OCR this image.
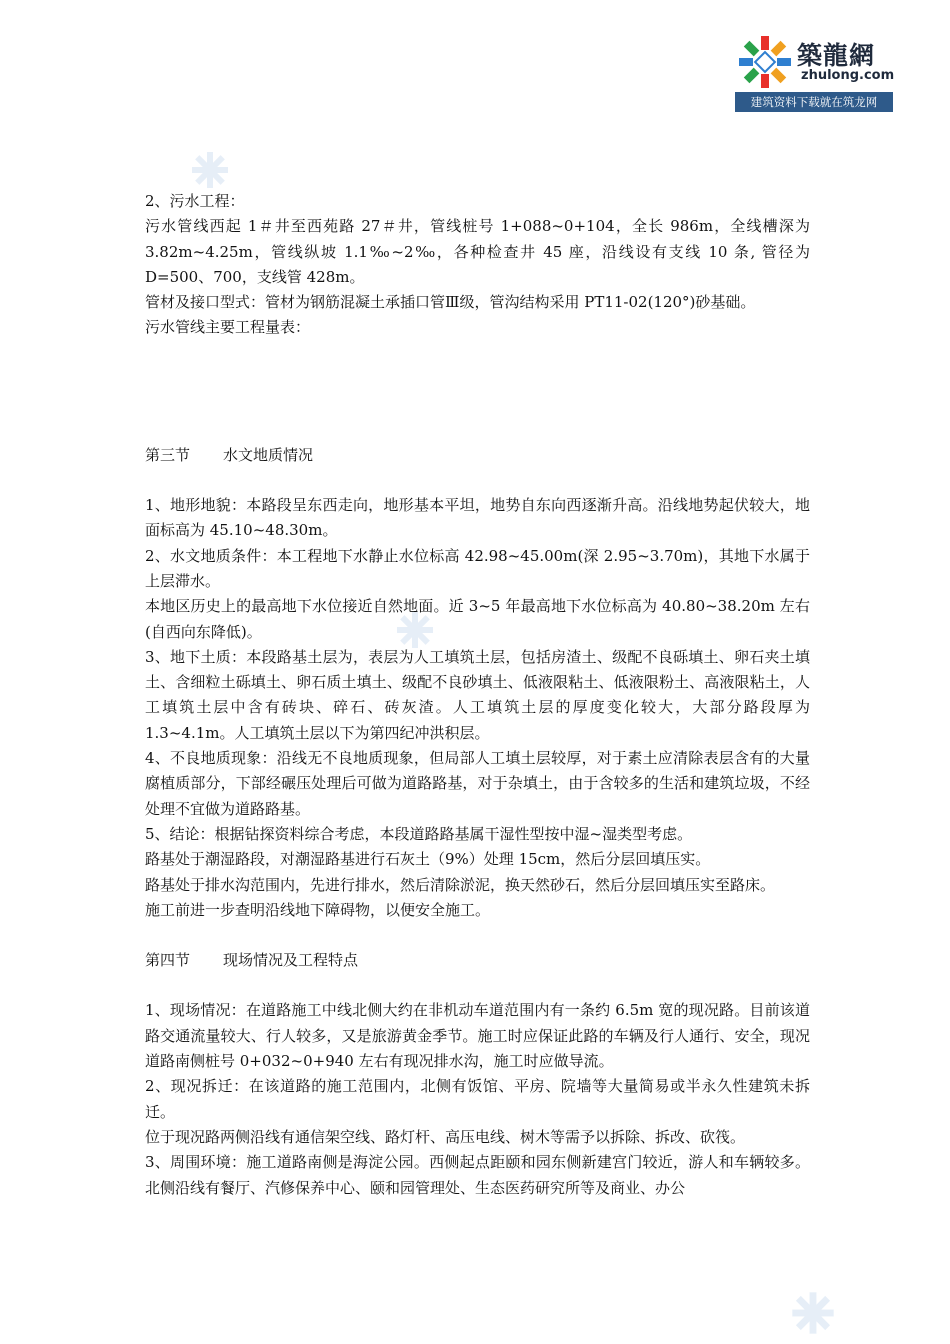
築龍網
zhulong.com
建筑资料下载就在筑龙网

2、污水工程：

污水管线西起 1＃井至西苑路 27＃井，管线桩号 1+088~0+104，全长 986m，全线槽深为 3.82m~4.25m，管线纵坡 1.1‰~2‰，各种检查井 45 座，沿线设有支线 10 条, 管径为 D=500、700，支线管 428m。

管材及接口型式：管材为钢筋混凝土承插口管Ⅲ级，管沟结构采用 PT11-02(120°)砂基础。

污水管线主要工程量表：

第三节 水文地质情况

1、地形地貌：本路段呈东西走向，地形基本平坦，地势自东向西逐渐升高。沿线地势起伏较大，地面标高为 45.10~48.30m。

2、水文地质条件：本工程地下水静止水位标高 42.98~45.00m(深 2.95~3.70m)，其地下水属于上层滞水。

本地区历史上的最高地下水位接近自然地面。近 3~5 年最高地下水位标高为 40.80~38.20m 左右(自西向东降低)。

3、地下土质：本段路基土层为，表层为人工填筑土层，包括房渣土、级配不良砾填土、卵石夹土填土、含细粒土砾填土、卵石质土填土、级配不良砂填土、低液限粘土、低液限粉土、高液限粘土，人工填筑土层中含有砖块、碎石、砖灰渣。人工填筑土层的厚度变化较大，大部分路段厚为 1.3~4.1m。人工填筑土层以下为第四纪冲洪积层。

4、不良地质现象：沿线无不良地质现象，但局部人工填土层较厚，对于素土应清除表层含有的大量腐植质部分，下部经碾压处理后可做为道路路基，对于杂填土，由于含较多的生活和建筑垃圾，不经处理不宜做为道路路基。

5、结论：根据钻探资料综合考虑，本段道路路基属干湿性型按中湿~湿类型考虑。

路基处于潮湿路段，对潮湿路基进行石灰土（9%）处理 15cm，然后分层回填压实。

路基处于排水沟范围内，先进行排水，然后清除淤泥，换天然砂石，然后分层回填压实至路床。

施工前进一步查明沿线地下障碍物，以便安全施工。

第四节 现场情况及工程特点

1、现场情况：在道路施工中线北侧大约在非机动车道范围内有一条约 6.5m 宽的现况路。目前该道路交通流量较大、行人较多，又是旅游黄金季节。施工时应保证此路的车辆及行人通行、安全，现况道路南侧桩号 0+032~0+940 左右有现况排水沟，施工时应做导流。

2、现况拆迁：在该道路的施工范围内，北侧有饭馆、平房、院墙等大量简易或半永久性建筑未拆迁。

位于现况路两侧沿线有通信架空线、路灯杆、高压电线、树木等需予以拆除、拆改、砍筏。

3、周围环境：施工道路南侧是海淀公园。西侧起点距颐和园东侧新建宫门较近，游人和车辆较多。北侧沿线有餐厅、汽修保养中心、颐和园管理处、生态医药研究所等及商业、办公
